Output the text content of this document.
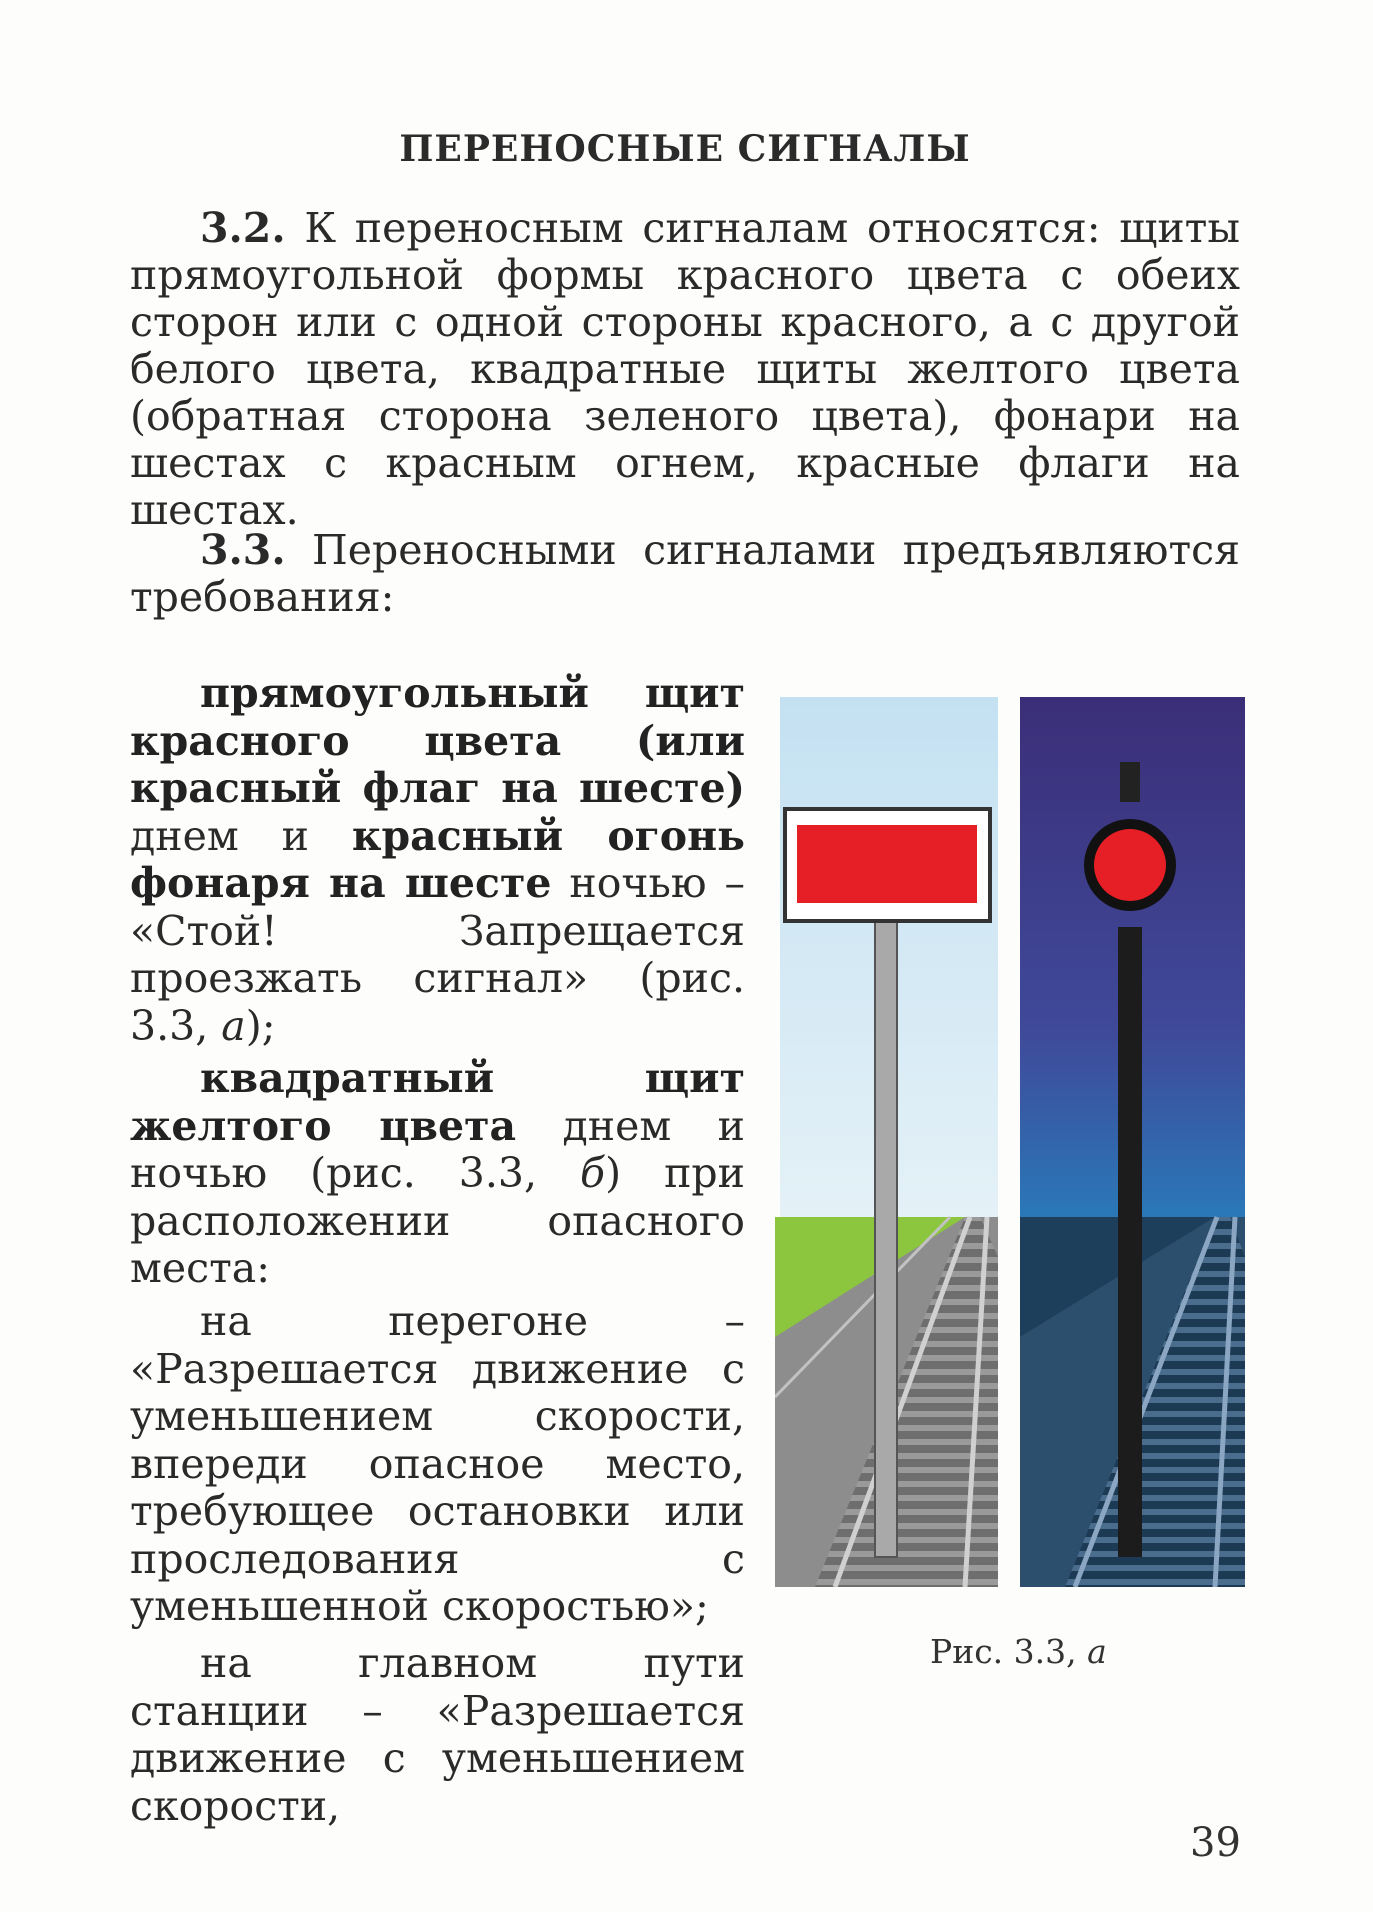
ПЕРЕНОСНЫЕ СИГНАЛЫ

3.2. К переносным сигналам относятся: щиты прямоугольной формы красного цвета с обеих сторон или с одной стороны красного, а с другой белого цвета, квадратные щиты желтого цвета (обратная сторона зеленого цвета), фонари на шестах с красным огнем, красные флаги на шестах.

3.3. Переносными сигналами предъявляются требования:

прямоугольный щит красного цвета (или красный флаг на шесте) днем и красный огонь фонаря на шесте ночью – «Стой! Запрещается проезжать сигнал» (рис. 3.3, а);

квадратный щит желтого цвета днем и ночью (рис. 3.3, б) при расположении опасного места:

на перегоне – «Разрешается движение с уменьшением скорости, впереди опасное место, требующее остановки или проследования с уменьшенной скоростью»;

на главном пути станции – «Разрешается движение с уменьшением скорости,

Рис. 3.3, а
39
